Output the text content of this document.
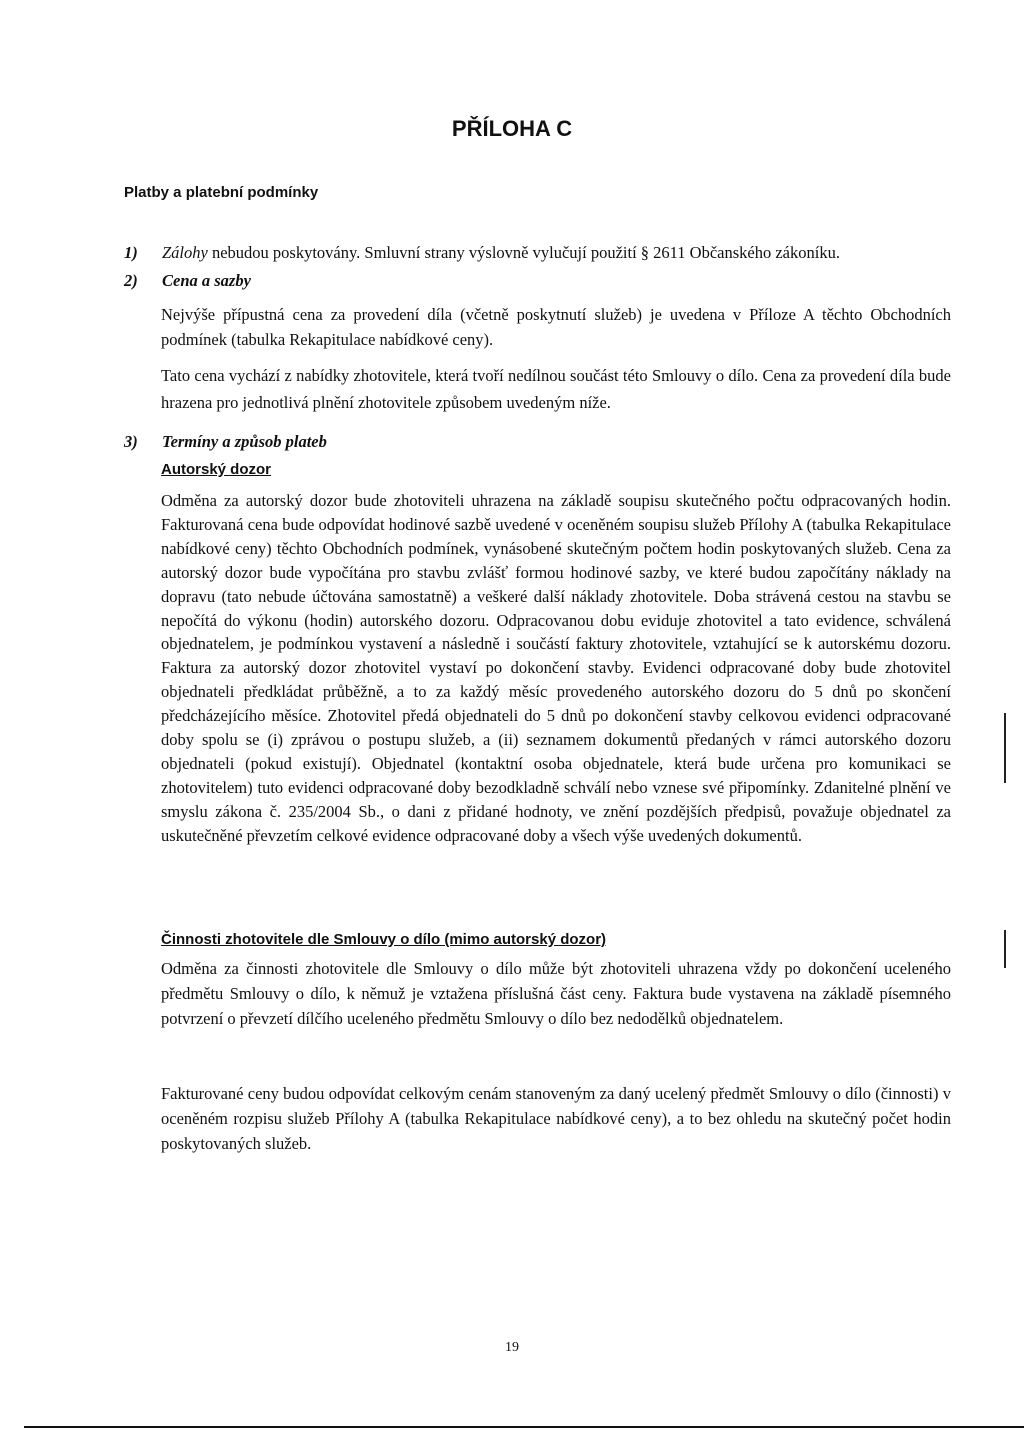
PŘÍLOHA C
Platby a platební podmínky
1) Zálohy nebudou poskytovány. Smluvní strany výslovně vylučují použití § 2611 Občanského zákoníku.
2) Cena a sazby
Nejvýše přípustná cena za provedení díla (včetně poskytnutí služeb) je uvedena v Příloze A těchto Obchodních podmínek (tabulka Rekapitulace nabídkové ceny).
Tato cena vychází z nabídky zhotovitele, která tvoří nedílnou součást této Smlouvy o dílo. Cena za provedení díla bude hrazena pro jednotlivá plnění zhotovitele způsobem uvedeným níže.
3) Termíny a způsob plateb
Autorský dozor
Odměna za autorský dozor bude zhotoviteli uhrazena na základě soupisu skutečného počtu odpracovaných hodin. Fakturovaná cena bude odpovídat hodinové sazbě uvedené v oceněném soupisu služeb Přílohy A (tabulka Rekapitulace nabídkové ceny) těchto Obchodních podmínek, vynásobené skutečným počtem hodin poskytovaných služeb. Cena za autorský dozor bude vypočítána pro stavbu zvlášť formou hodinové sazby, ve které budou započítány náklady na dopravu (tato nebude účtována samostatně) a veškeré další náklady zhotovitele. Doba strávená cestou na stavbu se nepočítá do výkonu (hodin) autorského dozoru. Odpracovanou dobu eviduje zhotovitel a tato evidence, schválená objednatelem, je podmínkou vystavení a následně i součástí faktury zhotovitele, vztahující se k autorskému dozoru. Faktura za autorský dozor zhotovitel vystaví po dokončení stavby. Evidenci odpracované doby bude zhotovitel objednateli předkládat průběžně, a to za každý měsíc provedeného autorského dozoru do 5 dnů po skončení předcházejícího měsíce. Zhotovitel předá objednateli do 5 dnů po dokončení stavby celkovou evidenci odpracované doby spolu se (i) zprávou o postupu služeb, a (ii) seznamem dokumentů předaných v rámci autorského dozoru objednateli (pokud existují). Objednatel (kontaktní osoba objednatele, která bude určena pro komunikaci se zhotovitelem) tuto evidenci odpracované doby bezodkladně schválí nebo vznese své připomínky. Zdanitelné plnění ve smyslu zákona č. 235/2004 Sb., o dani z přidané hodnoty, ve znění pozdějších předpisů, považuje objednatel za uskutečněné převzetím celkové evidence odpracované doby a všech výše uvedených dokumentů.
Činnosti zhotovitele dle Smlouvy o dílo (mimo autorský dozor)
Odměna za činnosti zhotovitele dle Smlouvy o dílo může být zhotoviteli uhrazena vždy po dokončení uceleného předmětu Smlouvy o dílo, k němuž je vztažena příslušná část ceny. Faktura bude vystavena na základě písemného potvrzení o převzetí dílčího uceleného předmětu Smlouvy o dílo bez nedodělků objednatelem.
Fakturované ceny budou odpovídat celkovým cenám stanoveným za daný ucelený předmět Smlouvy o dílo (činnosti) v oceněném rozpisu služeb Přílohy A (tabulka Rekapitulace nabídkové ceny), a to bez ohledu na skutečný počet hodin poskytovaných služeb.
19
